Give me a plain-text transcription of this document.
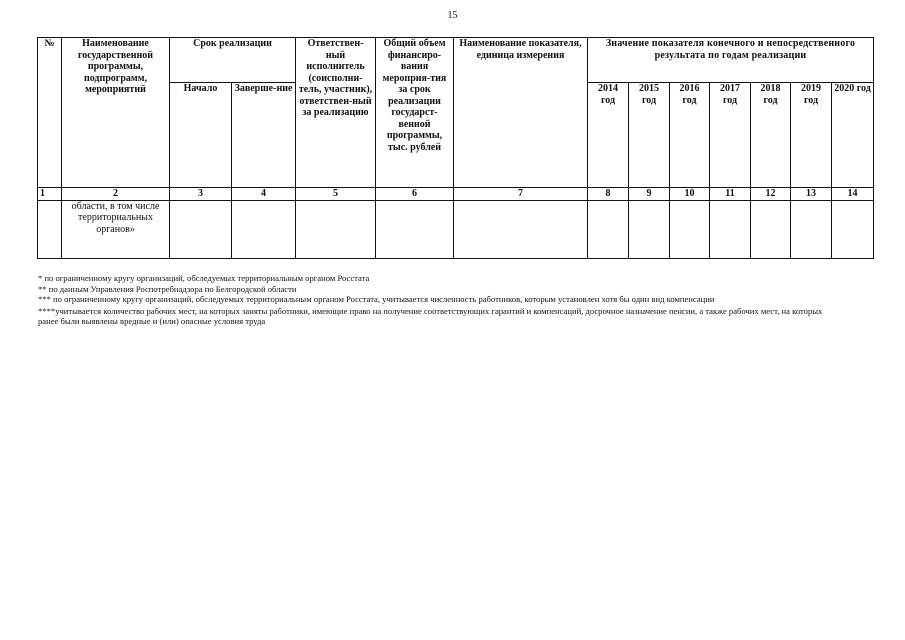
15
№	Наименование государственной программы, подпрограмм, мероприятий	Срок реализации		Ответствен-ный исполнитель (соисполни-тель, участник), ответствен-ный за реализацию	Общий объем финансиро-вания мероприя-тия за срок реализации государст-венной программы, тыс. рублей	Наименование показателя, единица измерения	Значение показателя конечного и непосредственного результата по годам реализации						
		Начало	Заверше-ние				2014 год	2015 год	2016 год	2017 год	2018 год	2019 год	2020 год
1	2	3	4	5	6	7	8	9	10	11	12	13	14
	области, в том числе территориальных органов»												

* по ограниченному кругу организаций, обследуемых территориальным органом Росстата

** по данным Управления Роспотребнадзора по Белгородской области

*** по ограниченному кругу организаций, обследуемых территориальным органом Росстата, учитывается численность работников, которым установлен хотя бы один вид компенсации

****учитывается количество рабочих мест, на которых заняты работники, имеющие право на получение соответствующих гарантий и компенсаций, досрочное назначение пенсии, а также рабочих мест, на которых ранее были выявлены вредные и (или) опасные условия труда
